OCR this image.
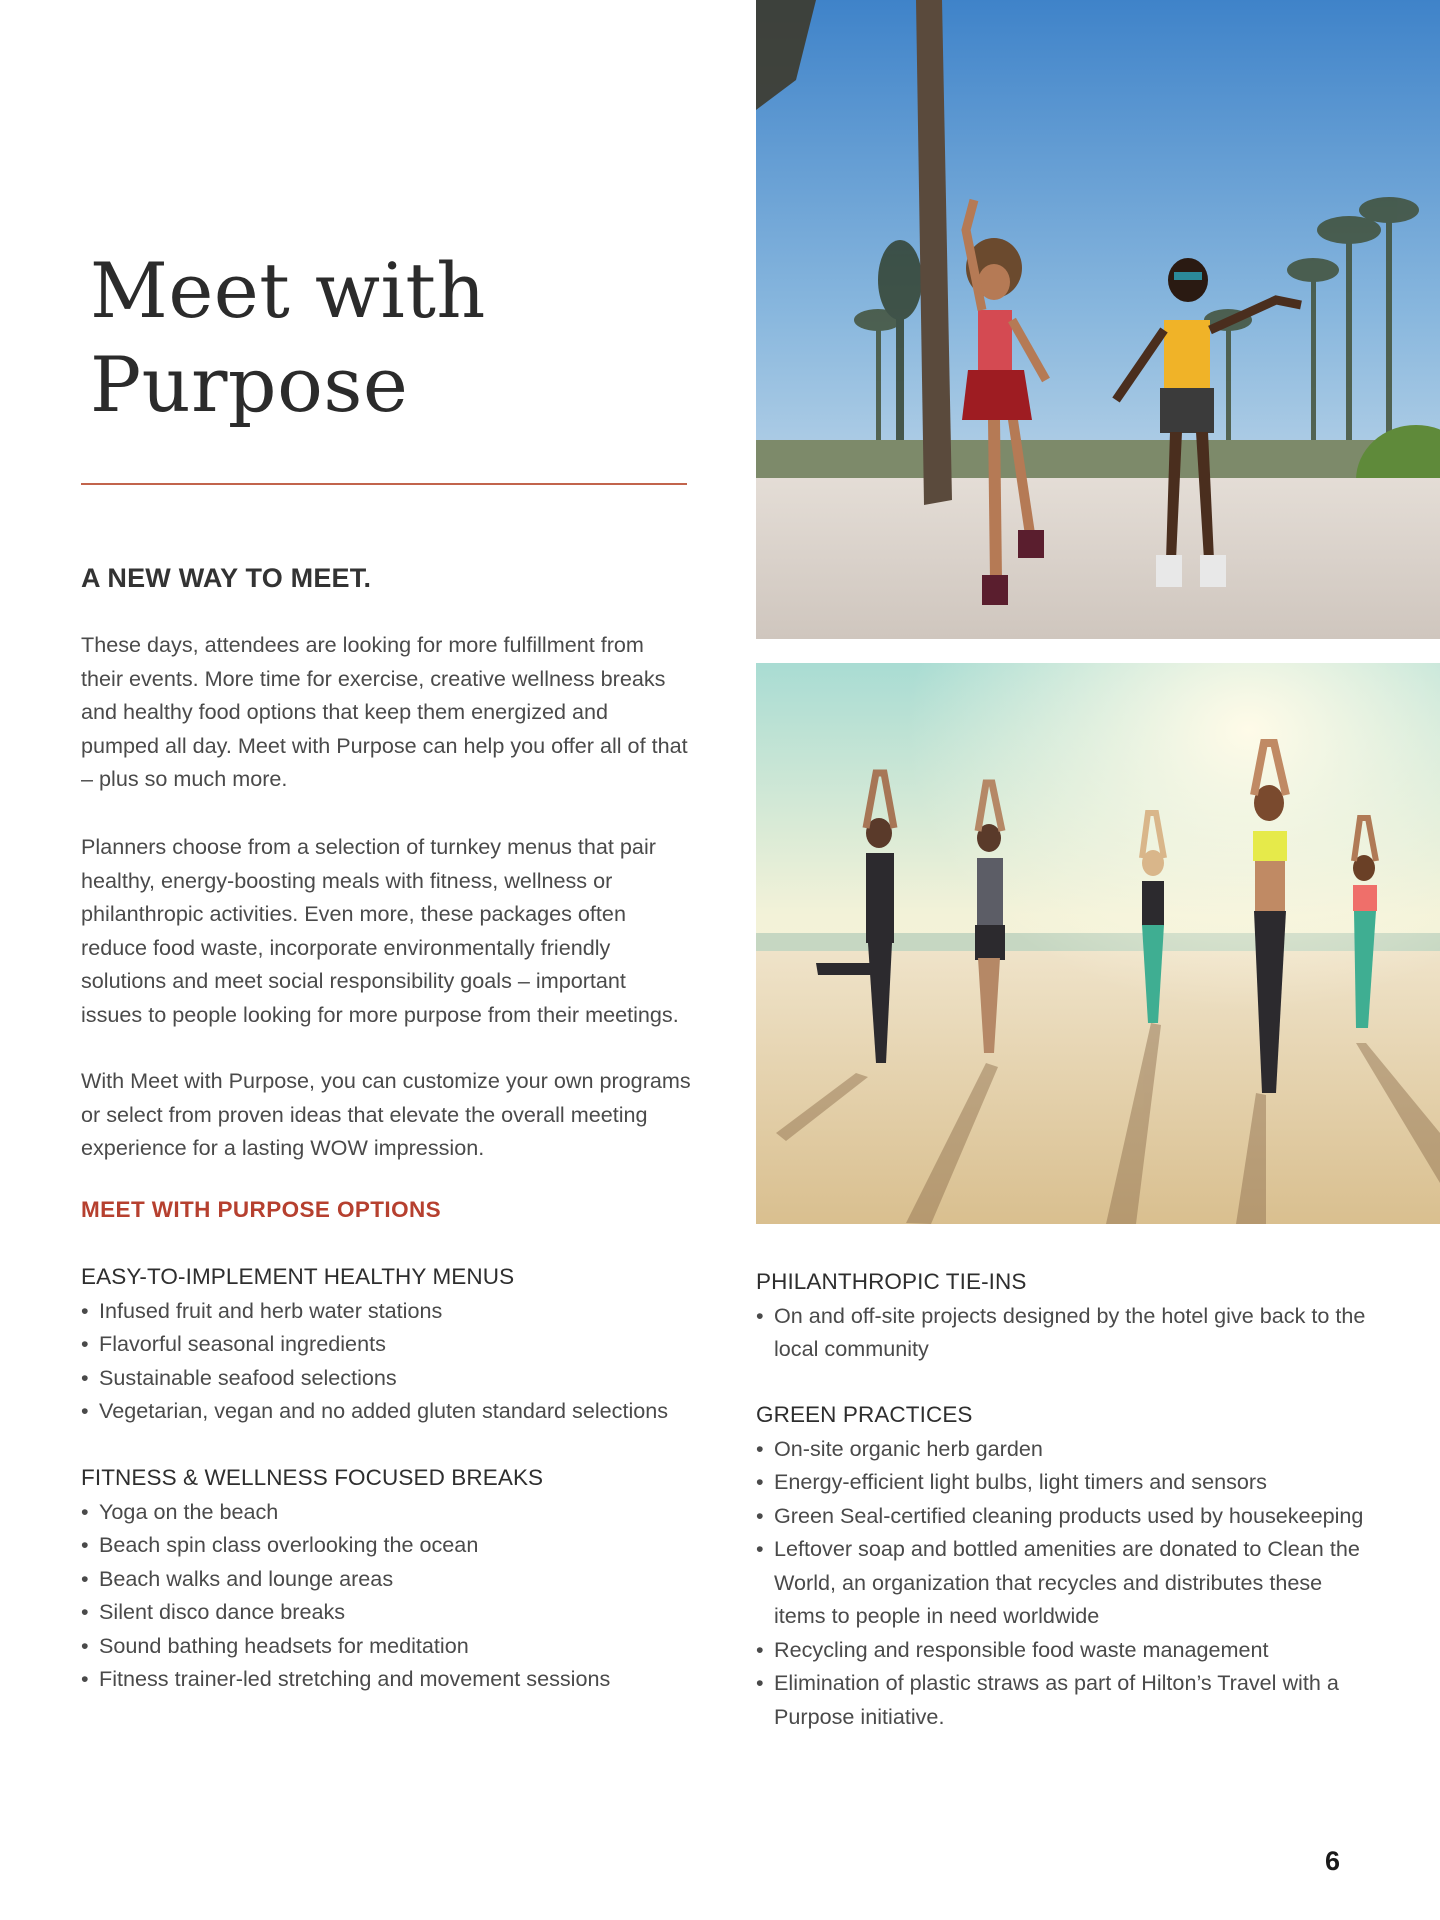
Meet with
Purpose
A NEW WAY TO MEET.

These days, attendees are looking for more fulfillment from their events. More time for exercise, creative wellness breaks and healthy food options that keep them energized and pumped all day. Meet with Purpose can help you offer all of that – plus so much more.

Planners choose from a selection of turnkey menus that pair healthy, energy-boosting meals with fitness, wellness or philanthropic activities. Even more, these packages often reduce food waste, incorporate environmentally friendly solutions and meet social responsibility goals – important issues to people looking for more purpose from their meetings.

With Meet with Purpose, you can customize your own programs or select from proven ideas that elevate the overall meeting experience for a lasting WOW impression.

MEET WITH PURPOSE OPTIONS
EASY-TO-IMPLEMENT HEALTHY MENUS
• Infused fruit and herb water stations
• Flavorful seasonal ingredients
• Sustainable seafood selections
• Vegetarian, vegan and no added gluten standard selections
FITNESS & WELLNESS FOCUSED BREAKS
• Yoga on the beach
• Beach spin class overlooking the ocean
• Beach walks and lounge areas
• Silent disco dance breaks
• Sound bathing headsets for meditation
• Fitness trainer-led stretching and movement sessions
PHILANTHROPIC TIE-INS
• On and off-site projects designed by the hotel give back to the local community
GREEN PRACTICES
• On-site organic herb garden
• Energy-efficient light bulbs, light timers and sensors
• Green Seal-certified cleaning products used by housekeeping
• Leftover soap and bottled amenities are donated to Clean the World, an organization that recycles and distributes these items to people in need worldwide
• Recycling and responsible food waste management
• Elimination of plastic straws as part of Hilton’s Travel with a Purpose initiative.
6
